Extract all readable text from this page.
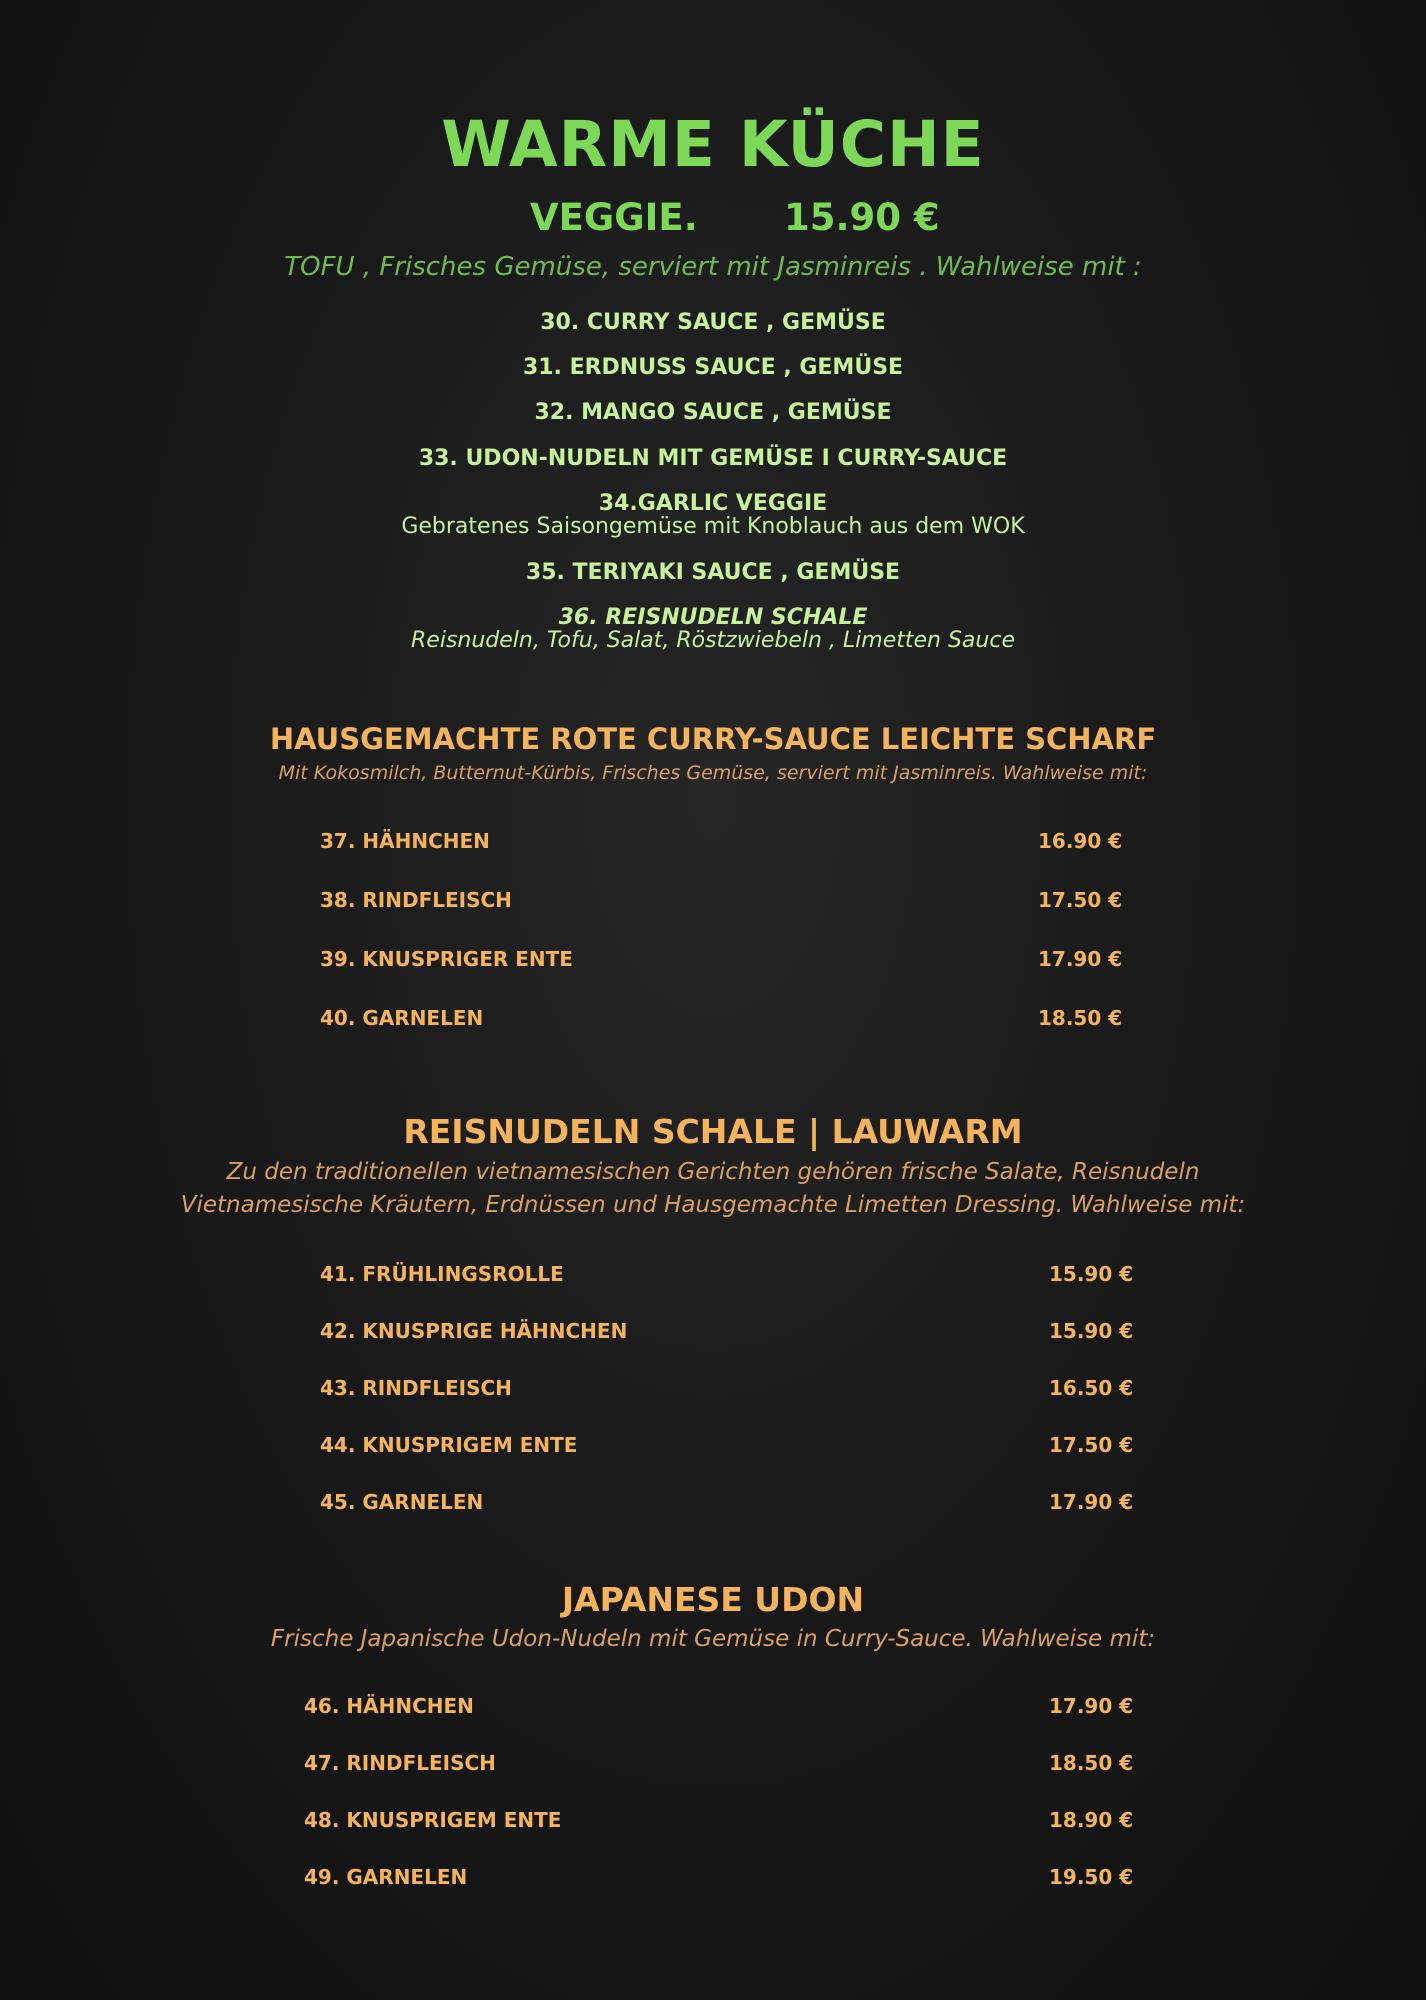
WARME KÜCHE
VEGGIE. 15.90 €
TOFU , Frisches Gemüse, serviert mit Jasminreis . Wahlweise mit :
30. CURRY SAUCE , GEMÜSE
31. ERDNUSS SAUCE , GEMÜSE
32. MANGO SAUCE , GEMÜSE
33. UDON-NUDELN MIT GEMÜSE I CURRY-SAUCE
34.GARLIC VEGGIE
Gebratenes Saisongemüse mit Knoblauch aus dem WOK
35. TERIYAKI SAUCE , GEMÜSE
36. REISNUDELN SCHALE
Reisnudeln, Tofu, Salat, Röstzwiebeln , Limetten Sauce
HAUSGEMACHTE ROTE CURRY-SAUCE LEICHTE SCHARF
Mit Kokosmilch, Butternut-Kürbis, Frisches Gemüse, serviert mit Jasminreis. Wahlweise mit:
37. HÄHNCHEN	16.90 €
38. RINDFLEISCH	17.50 €
39. KNUSPRIGER ENTE	17.90 €
40. GARNELEN	18.50 €
REISNUDELN SCHALE | LAUWARM
Zu den traditionellen vietnamesischen Gerichten gehören frische Salate, Reisnudeln
Vietnamesische Kräutern, Erdnüssen und Hausgemachte Limetten Dressing. Wahlweise mit:
41. FRÜHLINGSROLLE	15.90 €
42. KNUSPRIGE HÄHNCHEN	15.90 €
43. RINDFLEISCH	16.50 €
44. KNUSPRIGEM ENTE	17.50 €
45. GARNELEN	17.90 €
JAPANESE UDON
Frische Japanische Udon-Nudeln mit Gemüse in Curry-Sauce. Wahlweise mit:
46. HÄHNCHEN	17.90 €
47. RINDFLEISCH	18.50 €
48. KNUSPRIGEM ENTE	18.90 €
49. GARNELEN	19.50 €
